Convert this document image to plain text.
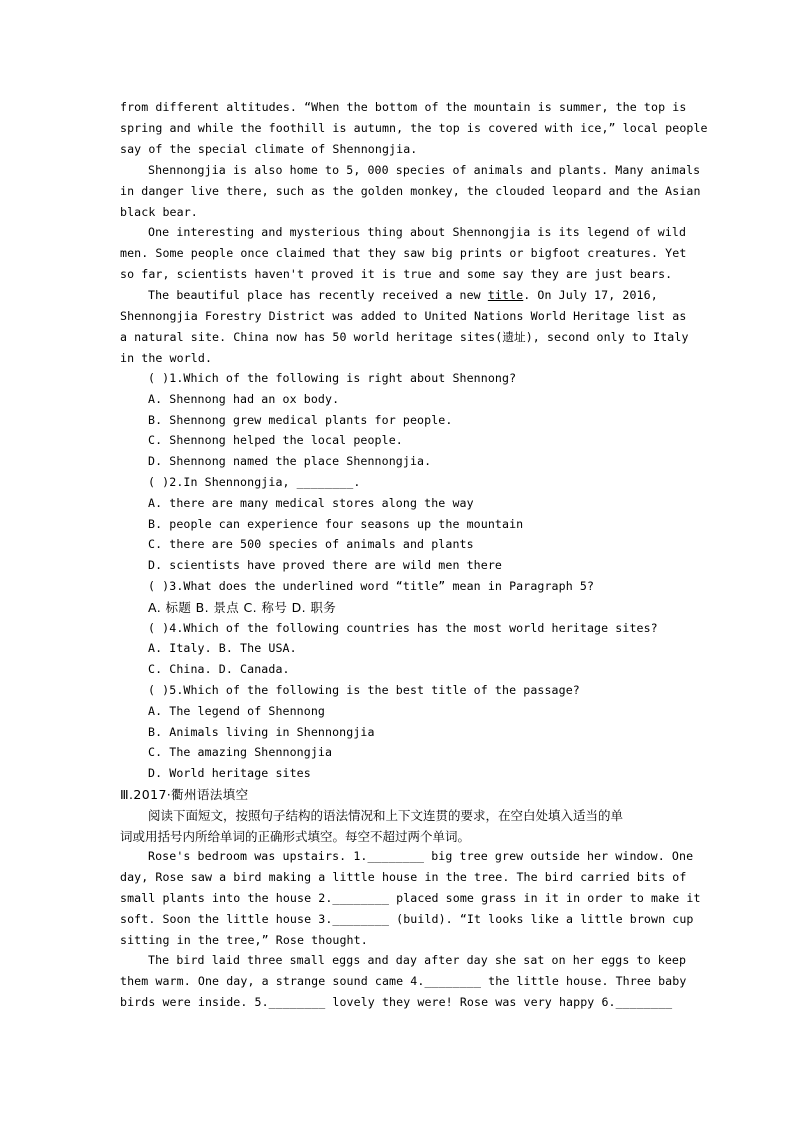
from different altitudes. “When the bottom of the mountain is summer, the top is
spring and while the foothill is autumn, the top is covered with ice,” local people
say of the special climate of Shennongjia.
Shennongjia is also home to 5, 000 species of animals and plants. Many animals
in danger live there, such as the golden monkey, the clouded leopard and the Asian
black bear.
One interesting and mysterious thing about Shennongjia is its legend of wild
men. Some people once claimed that they saw big prints or bigfoot creatures. Yet
so far, scientists haven't proved it is true and some say they are just bears.
The beautiful place has recently received a new title. On July 17, 2016,
Shennongjia Forestry District was added to United Nations World Heritage list as
a natural site. China now has 50 world heritage sites(遗址), second only to Italy
in the world.
( )1.Which of the following is right about Shennong?
A. Shennong had an ox body.
B. Shennong grew medical plants for people.
C. Shennong helped the local people.
D. Shennong named the place Shennongjia.
( )2.In Shennongjia, ________.
A. there are many medical stores along the way
B. people can experience four seasons up the mountain
C. there are 500 species of animals and plants
D. scientists have proved there are wild men there
( )3.What does the underlined word “title” mean in Paragraph 5?
A. 标题 B. 景点 C. 称号 D. 职务
( )4.Which of the following countries has the most world heritage sites?
A. Italy. B. The USA.
C. China. D. Canada.
( )5.Which of the following is the best title of the passage?
A. The legend of Shennong
B. Animals living in Shennongjia
C. The amazing Shennongjia
D. World heritage sites
Ⅲ.2017·衢州语法填空
阅读下面短文，按照句子结构的语法情况和上下文连贯的要求，在空白处填入适当的单
词或用括号内所给单词的正确形式填空。每空不超过两个单词。
Rose's bedroom was upstairs. 1.________ big tree grew outside her window. One
day, Rose saw a bird making a little house in the tree. The bird carried bits of
small plants into the house 2.________ placed some grass in it in order to make it
soft. Soon the little house 3.________ (build). “It looks like a little brown cup
sitting in the tree,” Rose thought.
The bird laid three small eggs and day after day she sat on her eggs to keep
them warm. One day, a strange sound came 4.________ the little house. Three baby
birds were inside. 5.________ lovely they were! Rose was very happy 6.________
